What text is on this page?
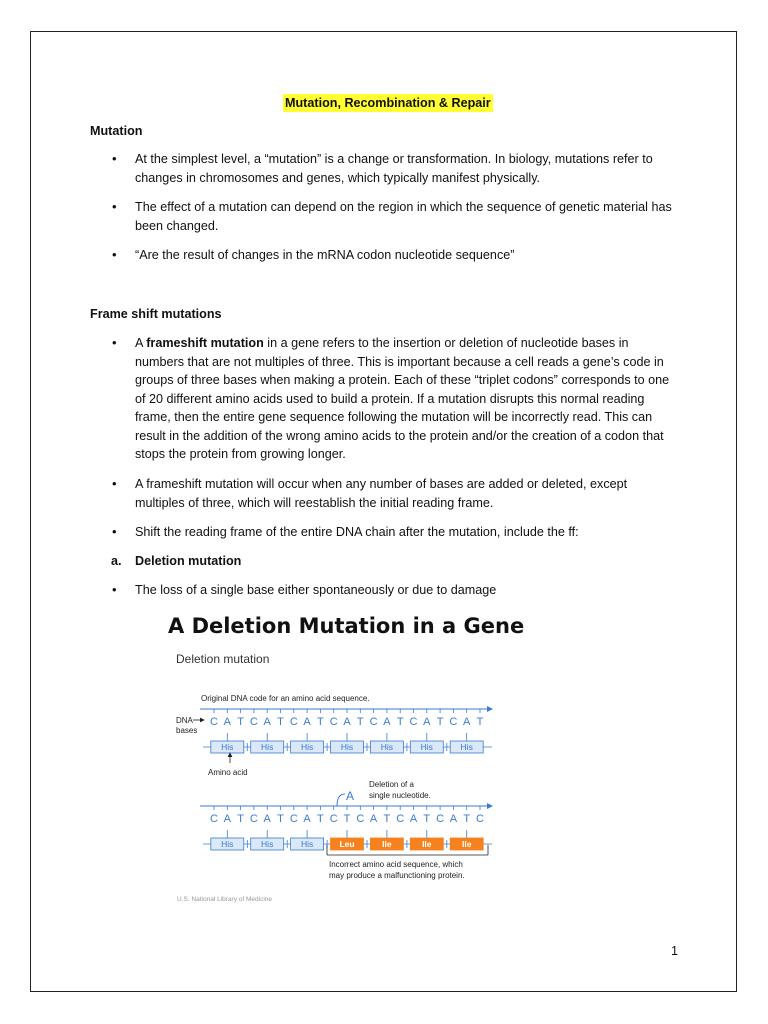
Mutation, Recombination & Repair
Mutation
• At the simplest level, a “mutation” is a change or transformation. In biology, mutations refer to changes in chromosomes and genes, which typically manifest physically.
• The effect of a mutation can depend on the region in which the sequence of genetic material has been changed.
• “Are the result of changes in the mRNA codon nucleotide sequence”
Frame shift mutations
• A frameshift mutation in a gene refers to the insertion or deletion of nucleotide bases in numbers that are not multiples of three. This is important because a cell reads a gene’s code in groups of three bases when making a protein. Each of these “triplet codons” corresponds to one of 20 different amino acids used to build a protein. If a mutation disrupts this normal reading frame, then the entire gene sequence following the mutation will be incorrectly read. This can result in the addition of the wrong amino acids to the protein and/or the creation of a codon that stops the protein from growing longer.
• A frameshift mutation will occur when any number of bases are added or deleted, except multiples of three, which will reestablish the initial reading frame.
• Shift the reading frame of the entire DNA chain after the mutation, include the ff:
a. Deletion mutation
• The loss of a single base either spontaneously or due to damage
A Deletion Mutation in a Gene
Deletion mutation
Original DNA code for an amino acid sequence.
C A T C A T C A T C A T C A T C A T C A T
DNA
bases
His	His	His	His	His	His	His
Amino acid
A
Deletion of a
single nucleotide.
C A T C A T C A T C T C A T C A T C A T C
His	His	His	Leu	Ile	Ile	Ile
Incorrect amino acid sequence, which
may produce a malfunctioning protein.
U.S. National Library of Medicine
1
